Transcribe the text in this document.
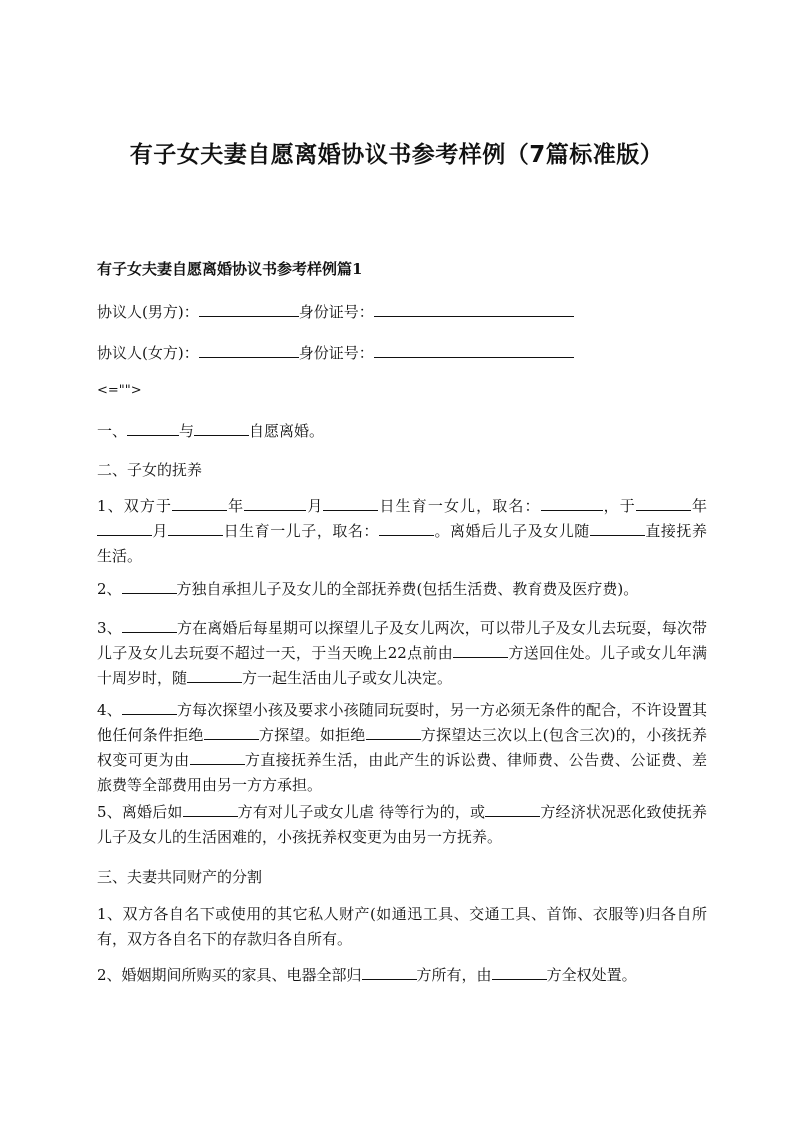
有子女夫妻自愿离婚协议书参考样例（7篇标准版）
有子女夫妻自愿离婚协议书参考样例篇1
协议人(男方)：	身份证号：
协议人(女方)：	身份证号：
<="">
一、	与	自愿离婚。
二、子女的抚养
1、双方于	年	月	日生育一女儿，取名：	，于	年月	日生育一儿子，取名：	。离婚后儿子及女儿随	直接抚养生活。
2、	方独自承担儿子及女儿的全部抚养费(包括生活费、教育费及医疗费)。
3、	方在离婚后每星期可以探望儿子及女儿两次，可以带儿子及女儿去玩耍，每次带儿子及女儿去玩耍不超过一天，于当天晚上22点前由	方送回住处。儿子或女儿年满十周岁时，随	方一起生活由儿子或女儿决定。
4、	方每次探望小孩及要求小孩随同玩耍时，另一方必须无条件的配合，不许设置其他任何条件拒绝	方探望。如拒绝	方探望达三次以上(包含三次)的，小孩抚养权变可更为由	方直接抚养生活，由此产生的诉讼费、律师费、公告费、公证费、差旅费等全部费用由另一方方承担。
5、离婚后如	方有对儿子或女儿虐 待等行为的，或	方经济状况恶化致使抚养儿子及女儿的生活困难的，小孩抚养权变更为由另一方抚养。
三、夫妻共同财产的分割
1、双方各自名下或使用的其它私人财产(如通迅工具、交通工具、首饰、衣服等)归各自所有，双方各自名下的存款归各自所有。
2、婚姻期间所购买的家具、电器全部归	方所有，由	方全权处置。
